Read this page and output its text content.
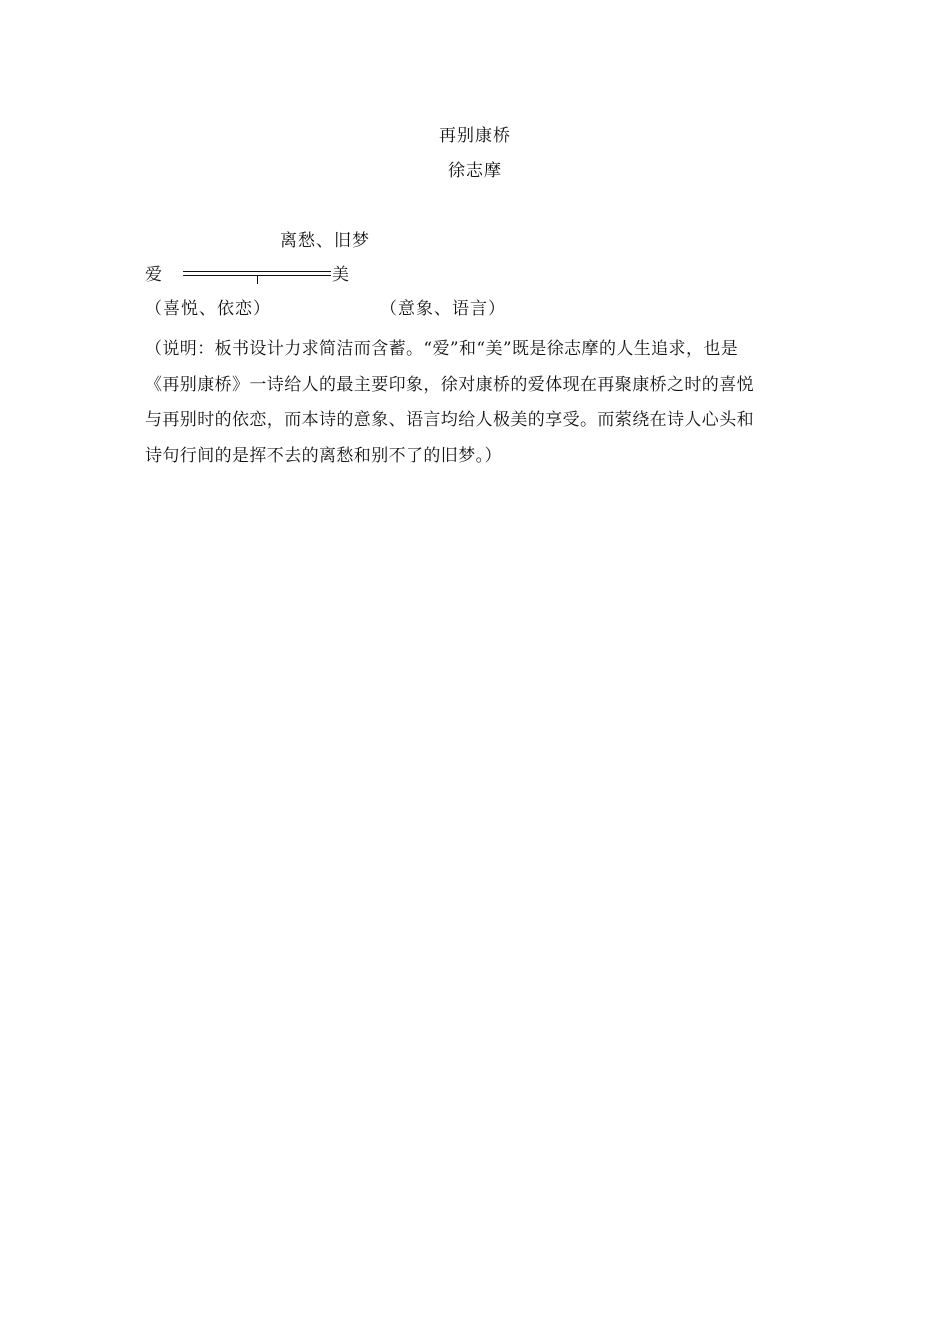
再别康桥
徐志摩
离愁、旧梦
爱	美
（喜悦、依恋）	（意象、语言）

（说明：板书设计力求简洁而含蓄。“爱”和“美”既是徐志摩的人生追求，也是
《再别康桥》一诗给人的最主要印象，徐对康桥的爱体现在再聚康桥之时的喜悦
与再别时的依恋，而本诗的意象、语言均给人极美的享受。而萦绕在诗人心头和
诗句行间的是挥不去的离愁和别不了的旧梦。）
